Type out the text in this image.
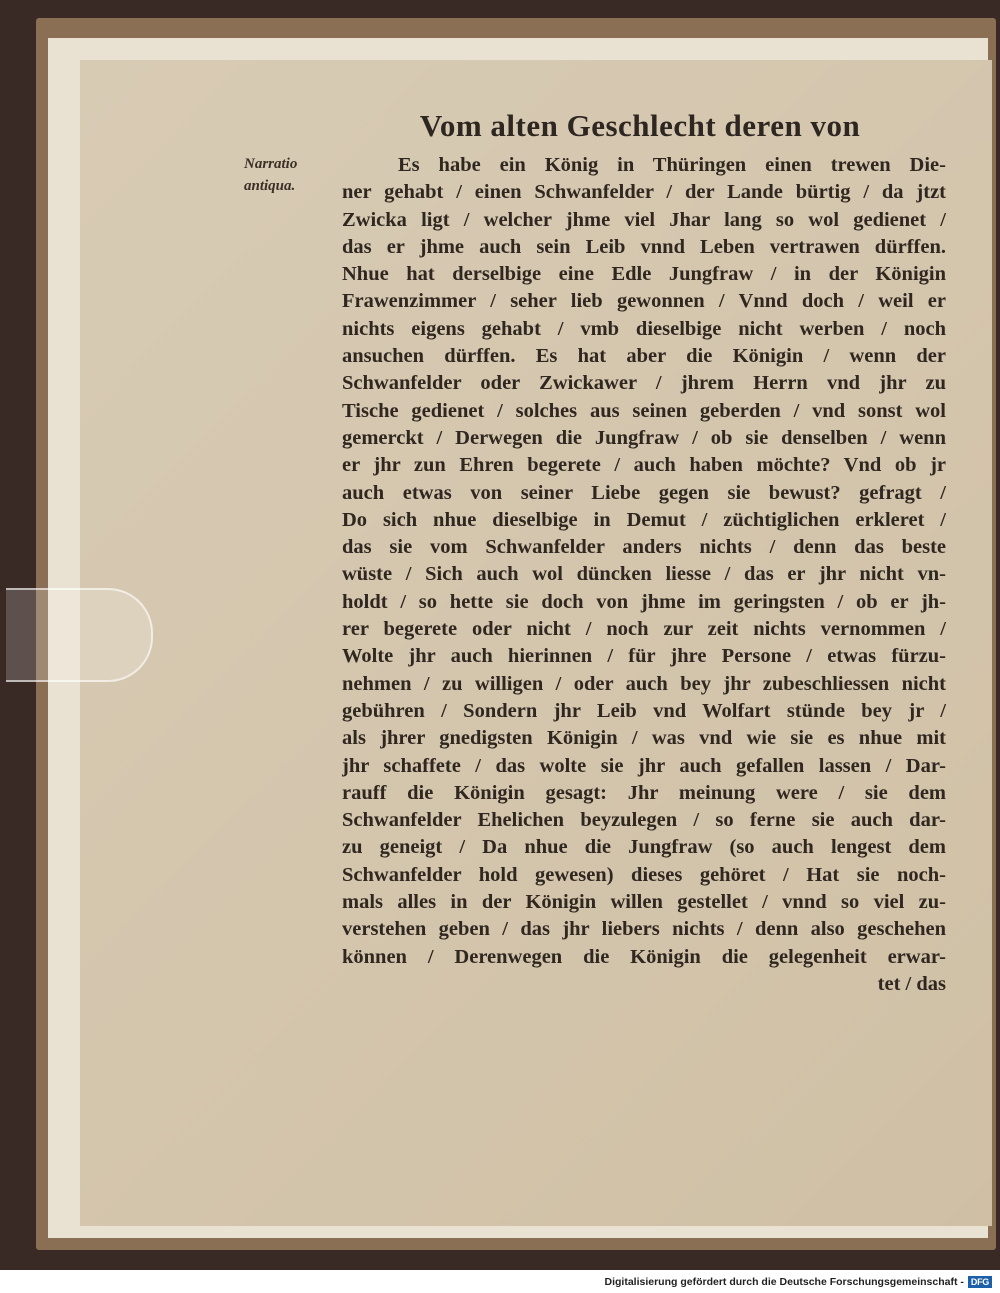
Vom alten Geschlecht deren von
Narratio
antiqua.
Es habe ein König in Thüringen einen trewen Die-
ner gehabt / einen Schwanfelder / der Lande bürtig / da jtzt
Zwicka ligt / welcher jhme viel Jhar lang so wol gedienet /
das er jhme auch sein Leib vnnd Leben vertrawen dürffen.
Nhue hat derselbige eine Edle Jungfraw / in der Königin
Frawenzimmer / seher lieb gewonnen / Vnnd doch / weil er
nichts eigens gehabt / vmb dieselbige nicht werben / noch
ansuchen dürffen. Es hat aber die Königin / wenn der
Schwanfelder oder Zwickawer / jhrem Herrn vnd jhr zu
Tische gedienet / solches aus seinen geberden / vnd sonst wol
gemerckt / Derwegen die Jungfraw / ob sie denselben / wenn
er jhr zun Ehren begerete / auch haben möchte? Vnd ob jr
auch etwas von seiner Liebe gegen sie bewust? gefragt /
Do sich nhue dieselbige in Demut / züchtiglichen erkleret /
das sie vom Schwanfelder anders nichts / denn das beste
wüste / Sich auch wol düncken liesse / das er jhr nicht vn-
holdt / so hette sie doch von jhme im geringsten / ob er jh-
rer begerete oder nicht / noch zur zeit nichts vernommen /
Wolte jhr auch hierinnen / für jhre Persone / etwas fürzu-
nehmen / zu willigen / oder auch bey jhr zubeschliessen nicht
gebühren / Sondern jhr Leib vnd Wolfart stünde bey jr /
als jhrer gnedigsten Königin / was vnd wie sie es nhue mit
jhr schaffete / das wolte sie jhr auch gefallen lassen / Dar-
rauff die Königin gesagt: Jhr meinung were / sie dem
Schwanfelder Ehelichen beyzulegen / so ferne sie auch dar-
zu geneigt / Da nhue die Jungfraw (so auch lengest dem
Schwanfelder hold gewesen) dieses gehöret / Hat sie noch-
mals alles in der Königin willen gestellet / vnnd so viel zu-
verstehen geben / das jhr liebers nichts / denn also geschehen
können / Derenwegen die Königin die gelegenheit erwar-
tet / das
Digitalisierung gefördert durch die Deutsche Forschungsgemeinschaft - DFG
